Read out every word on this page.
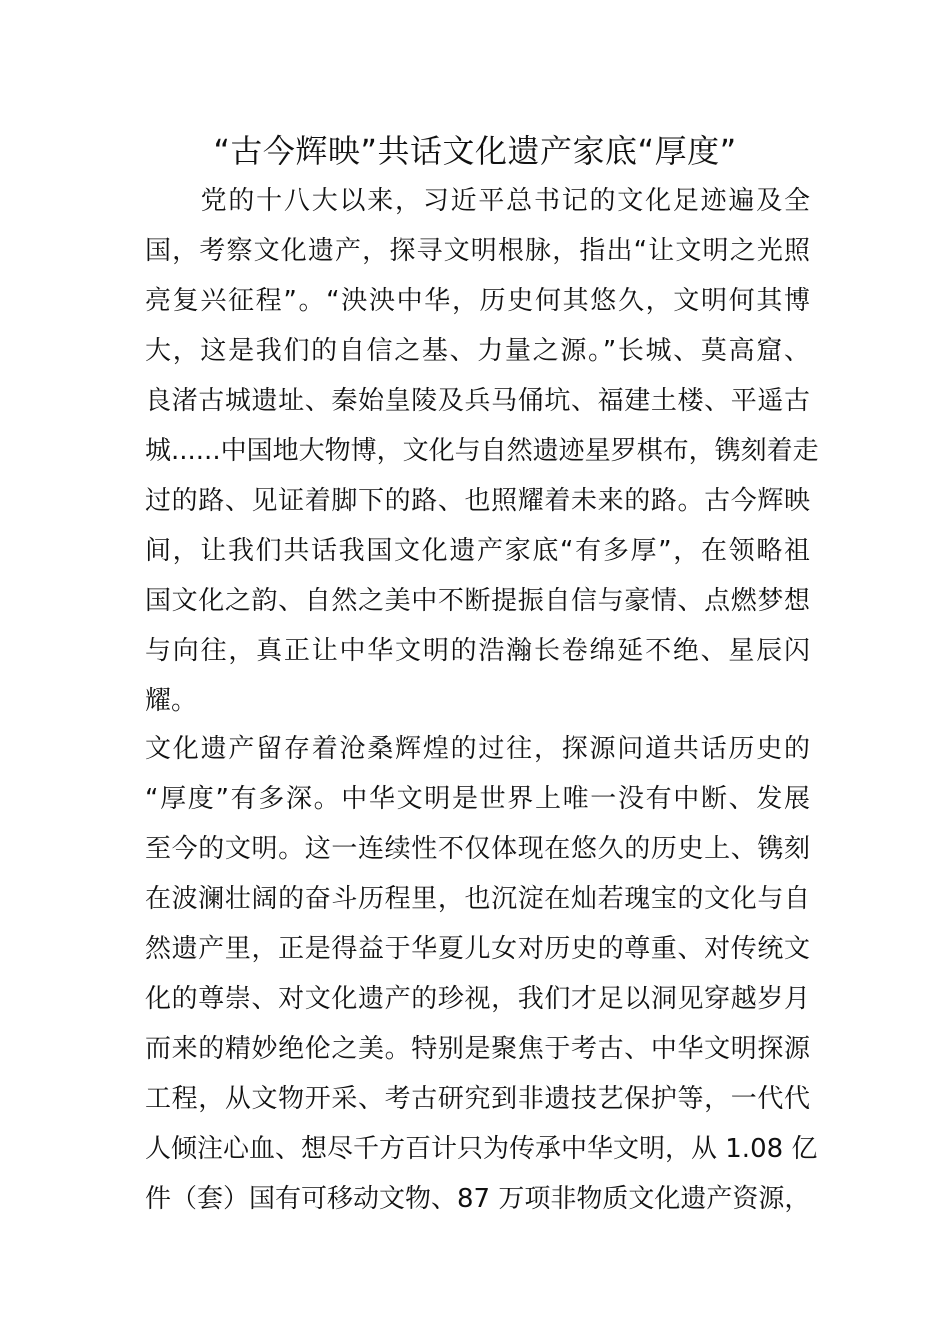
“古今辉映”共话文化遗产家底“厚度”
　　党的十八大以来，习近平总书记的文化足迹遍及全
国，考察文化遗产，探寻文明根脉，指出“让文明之光照
亮复兴征程”。“泱泱中华，历史何其悠久，文明何其博
大，这是我们的自信之基、力量之源。”长城、莫高窟、
良渚古城遗址、秦始皇陵及兵马俑坑、福建土楼、平遥古
城......中国地大物博，文化与自然遗迹星罗棋布，镌刻着走
过的路、见证着脚下的路、也照耀着未来的路。古今辉映
间，让我们共话我国文化遗产家底“有多厚”，在领略祖
国文化之韵、自然之美中不断提振自信与豪情、点燃梦想
与向往，真正让中华文明的浩瀚长卷绵延不绝、星辰闪
耀。
文化遗产留存着沧桑辉煌的过往，探源问道共话历史的
“厚度”有多深。中华文明是世界上唯一没有中断、发展
至今的文明。这一连续性不仅体现在悠久的历史上、镌刻
在波澜壮阔的奋斗历程里，也沉淀在灿若瑰宝的文化与自
然遗产里，正是得益于华夏儿女对历史的尊重、对传统文
化的尊崇、对文化遗产的珍视，我们才足以洞见穿越岁月
而来的精妙绝伦之美。特别是聚焦于考古、中华文明探源
工程，从文物开采、考古研究到非遗技艺保护等，一代代
人倾注心血、想尽千方百计只为传承中华文明，从 1.08 亿
件（套）国有可移动文物、87 万项非物质文化遗产资源，
